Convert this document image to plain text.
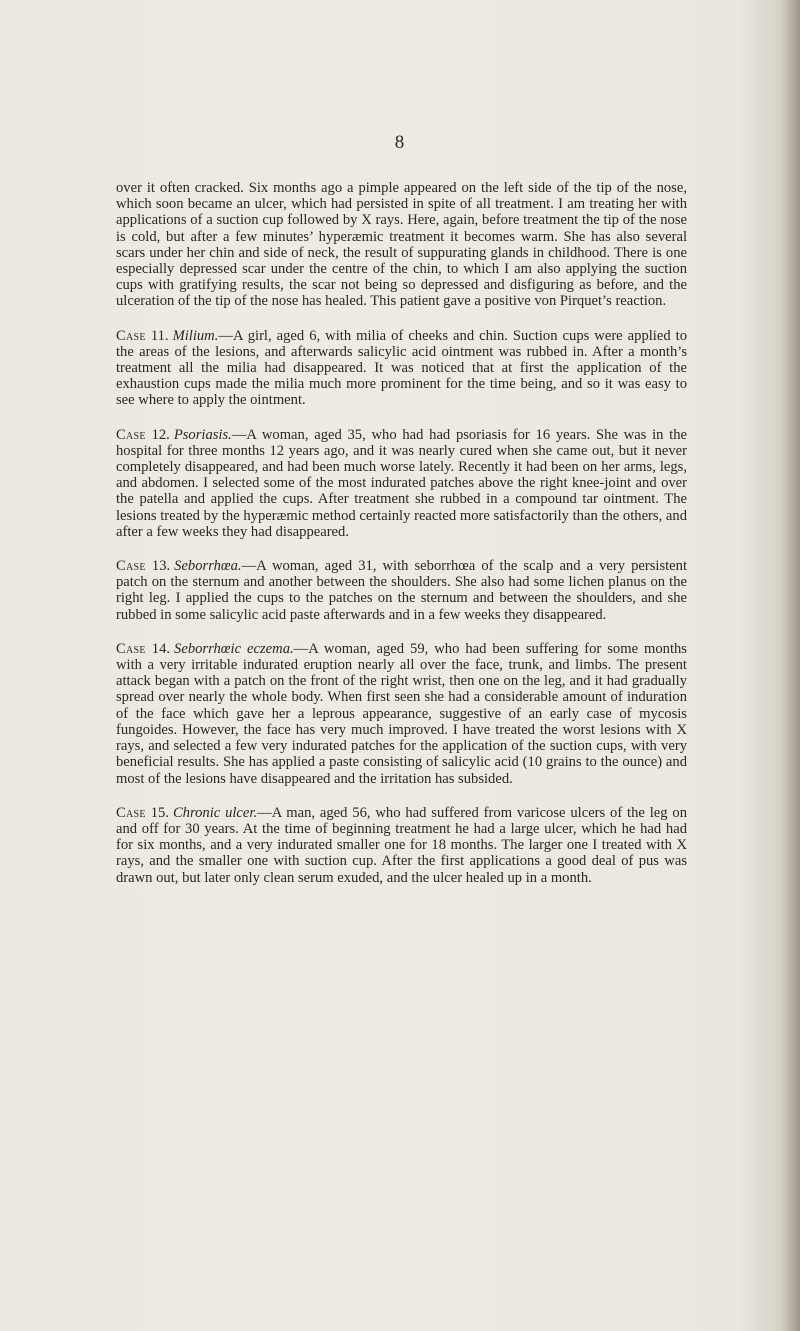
8

over it often cracked. Six months ago a pimple appeared on the left side of the tip of the nose, which soon became an ulcer, which had persisted in spite of all treatment. I am treating her with applications of a suction cup followed by X rays. Here, again, before treatment the tip of the nose is cold, but after a few minutes’ hyperæmic treatment it becomes warm. She has also several scars under her chin and side of neck, the result of suppurating glands in childhood. There is one especially depressed scar under the centre of the chin, to which I am also applying the suction cups with gratifying results, the scar not being so depressed and disfiguring as before, and the ulceration of the tip of the nose has healed. This patient gave a positive von Pirquet’s reaction.

Case 11. Milium.—A girl, aged 6, with milia of cheeks and chin. Suction cups were applied to the areas of the lesions, and afterwards salicylic acid ointment was rubbed in. After a month’s treatment all the milia had disappeared. It was noticed that at first the application of the exhaustion cups made the milia much more prominent for the time being, and so it was easy to see where to apply the ointment.

Case 12. Psoriasis.—A woman, aged 35, who had had psoriasis for 16 years. She was in the hospital for three months 12 years ago, and it was nearly cured when she came out, but it never completely disappeared, and had been much worse lately. Recently it had been on her arms, legs, and abdomen. I selected some of the most indurated patches above the right knee-joint and over the patella and applied the cups. After treatment she rubbed in a compound tar ointment. The lesions treated by the hyperæmic method certainly reacted more satisfactorily than the others, and after a few weeks they had disappeared.

Case 13. Seborrhœa.—A woman, aged 31, with seborrhœa of the scalp and a very persistent patch on the sternum and another between the shoulders. She also had some lichen planus on the right leg. I applied the cups to the patches on the sternum and between the shoulders, and she rubbed in some salicylic acid paste afterwards and in a few weeks they disappeared.

Case 14. Seborrhœic eczema.—A woman, aged 59, who had been suffering for some months with a very irritable indurated eruption nearly all over the face, trunk, and limbs. The present attack began with a patch on the front of the right wrist, then one on the leg, and it had gradually spread over nearly the whole body. When first seen she had a considerable amount of induration of the face which gave her a leprous appearance, suggestive of an early case of mycosis fungoides. However, the face has very much improved. I have treated the worst lesions with X rays, and selected a few very indurated patches for the application of the suction cups, with very beneficial results. She has applied a paste consisting of salicylic acid (10 grains to the ounce) and most of the lesions have disappeared and the irritation has subsided.

Case 15. Chronic ulcer.—A man, aged 56, who had suffered from varicose ulcers of the leg on and off for 30 years. At the time of beginning treatment he had a large ulcer, which he had had for six months, and a very indurated smaller one for 18 months. The larger one I treated with X rays, and the smaller one with suction cup. After the first applications a good deal of pus was drawn out, but later only clean serum exuded, and the ulcer healed up in a month.
